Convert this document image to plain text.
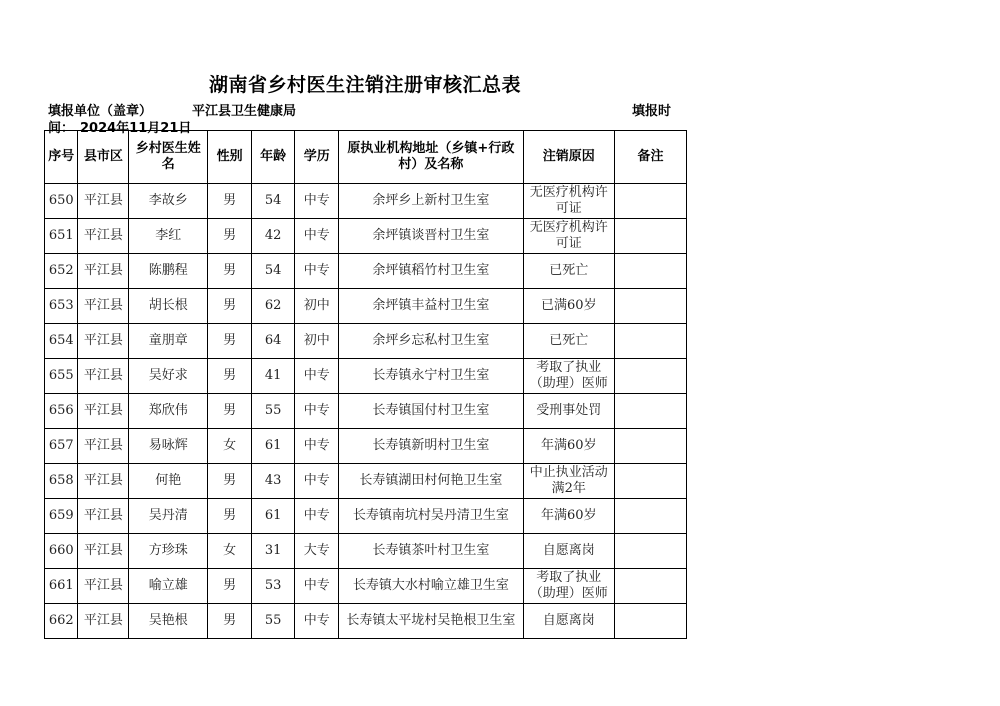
湖南省乡村医生注销注册审核汇总表
填报单位（盖章）	平江县卫生健康局	填报时
间： 2024年11月21日
序号	县市区	乡村医生姓名	性别	年龄	学历	原执业机构地址（乡镇+行政村）及名称	注销原因	备注
650	平江县	李故乡	男	54	中专	余坪乡上新村卫生室	无医疗机构许可证	
651	平江县	李红	男	42	中专	余坪镇谈晋村卫生室	无医疗机构许可证	
652	平江县	陈鹏程	男	54	中专	余坪镇稻竹村卫生室	已死亡	
653	平江县	胡长根	男	62	初中	余坪镇丰益村卫生室	已满60岁	
654	平江县	童朋章	男	64	初中	余坪乡忘私村卫生室	已死亡	
655	平江县	吴好求	男	41	中专	长寿镇永宁村卫生室	考取了执业（助理）医师	
656	平江县	郑欣伟	男	55	中专	长寿镇国付村卫生室	受刑事处罚	
657	平江县	易咏辉	女	61	中专	长寿镇新明村卫生室	年满60岁	
658	平江县	何艳	男	43	中专	长寿镇湖田村何艳卫生室	中止执业活动满2年	
659	平江县	吴丹清	男	61	中专	长寿镇南坑村吴丹清卫生室	年满60岁	
660	平江县	方珍珠	女	31	大专	长寿镇茶叶村卫生室	自愿离岗	
661	平江县	喻立雄	男	53	中专	长寿镇大水村喻立雄卫生室	考取了执业（助理）医师	
662	平江县	吴艳根	男	55	中专	长寿镇太平垅村吴艳根卫生室	自愿离岗	
